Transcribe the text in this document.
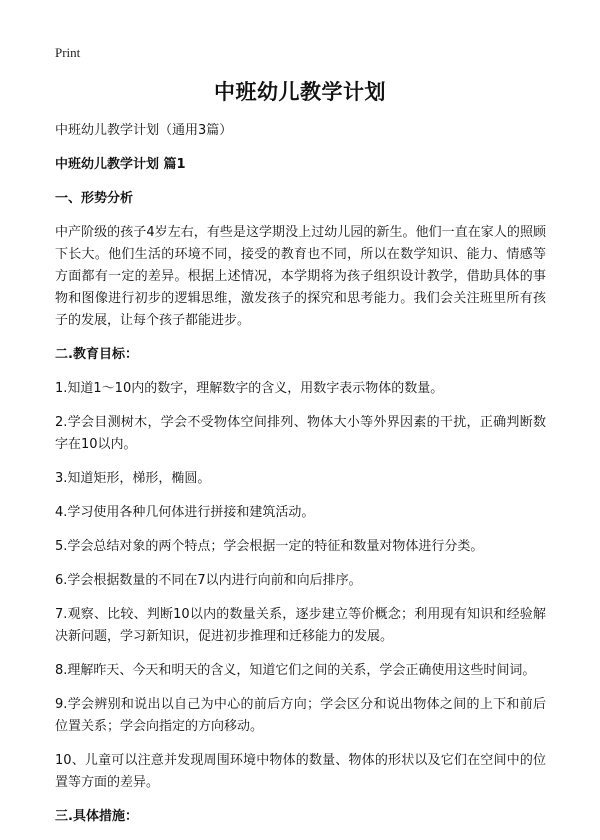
Print
中班幼儿教学计划

中班幼儿教学计划（通用3篇）

中班幼儿教学计划 篇1

一、形势分析

中产阶级的孩子4岁左右，有些是这学期没上过幼儿园的新生。他们一直在家人的照顾下长大。他们生活的环境不同，接受的教育也不同，所以在数学知识、能力、情感等方面都有一定的差异。根据上述情况，本学期将为孩子组织设计教学，借助具体的事物和图像进行初步的逻辑思维，激发孩子的探究和思考能力。我们会关注班里所有孩子的发展，让每个孩子都能进步。

二.教育目标：

1.知道1～10内的数字，理解数字的含义，用数字表示物体的数量。

2.学会目测树木，学会不受物体空间排列、物体大小等外界因素的干扰，正确判断数字在10以内。

3.知道矩形，梯形，椭圆。

4.学习使用各种几何体进行拼接和建筑活动。

5.学会总结对象的两个特点；学会根据一定的特征和数量对物体进行分类。

6.学会根据数量的不同在7以内进行向前和向后排序。

7.观察、比较、判断10以内的数量关系，逐步建立等价概念；利用现有知识和经验解决新问题，学习新知识，促进初步推理和迁移能力的发展。

8.理解昨天、今天和明天的含义，知道它们之间的关系，学会正确使用这些时间词。

9.学会辨别和说出以自己为中心的前后方向；学会区分和说出物体之间的上下和前后位置关系；学会向指定的方向移动。

10、儿童可以注意并发现周围环境中物体的数量、物体的形状以及它们在空间中的位置等方面的差异。

三.具体措施：
